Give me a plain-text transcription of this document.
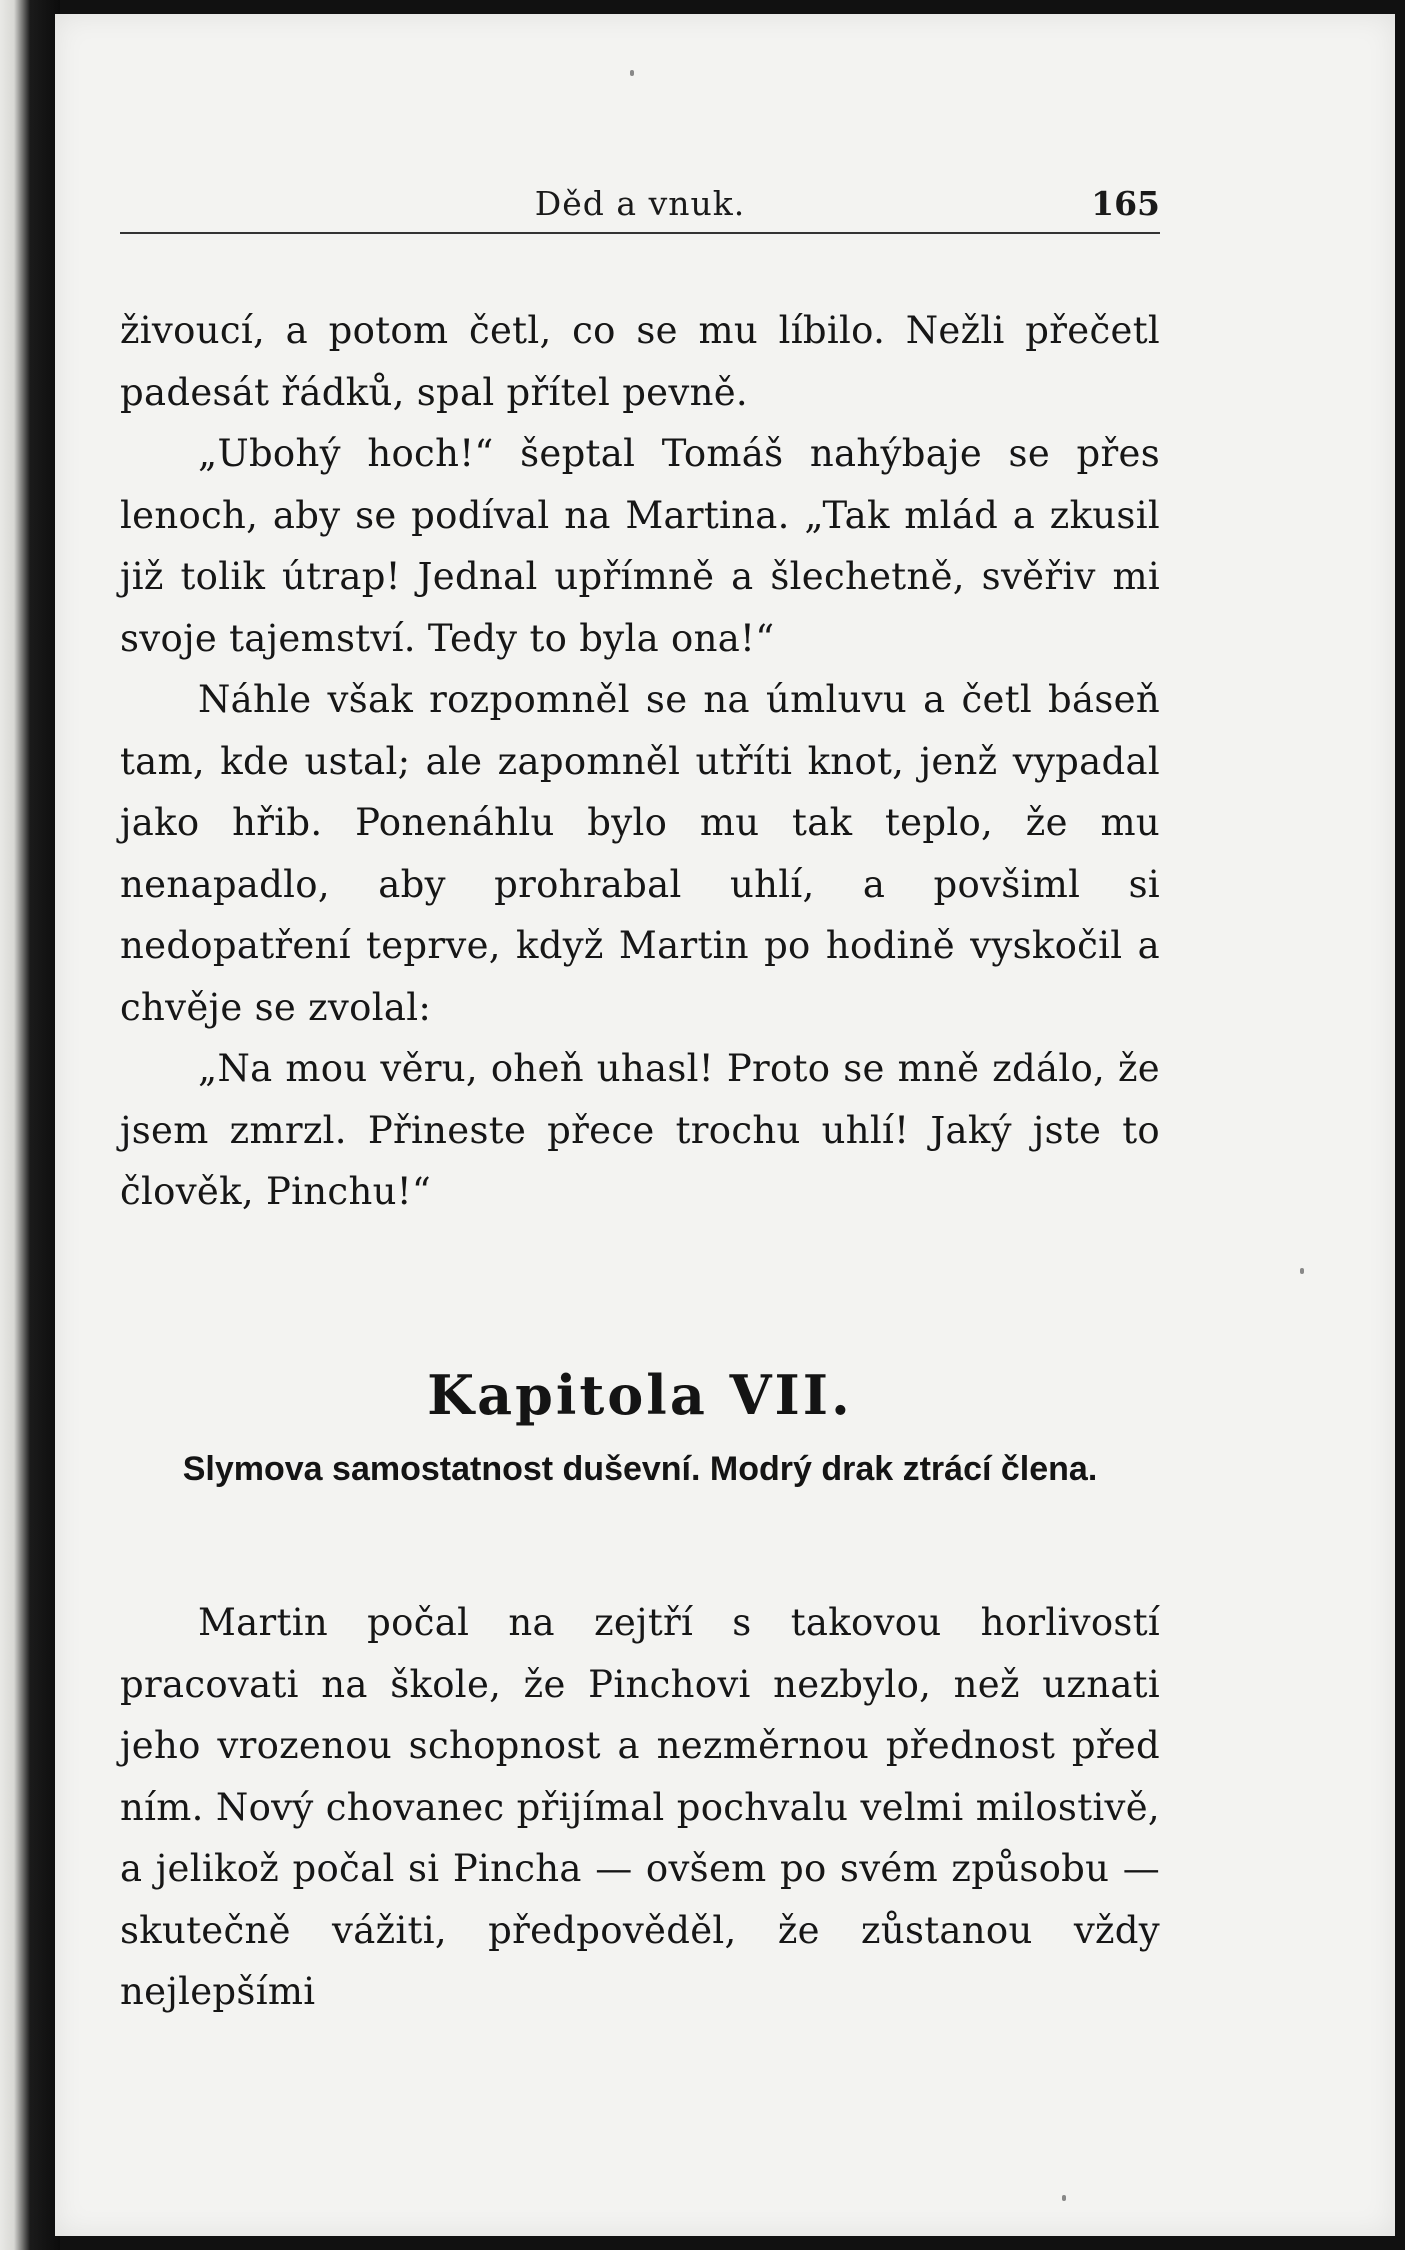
Děd a vnuk.	165

živoucí, a potom četl, co se mu líbilo. Nežli přečetl padesát řádků, spal přítel pevně.

„Ubohý hoch!“ šeptal Tomáš nahýbaje se přes lenoch, aby se podíval na Martina. „Tak mlád a zkusil již tolik útrap! Jednal upřímně a šlechetně, svěřiv mi svoje tajemství. Tedy to byla ona!“

Náhle však rozpomněl se na úmluvu a četl báseň tam, kde ustal; ale zapomněl utříti knot, jenž vypadal jako hřib. Ponenáhlu bylo mu tak teplo, že mu nenapadlo, aby prohrabal uhlí, a povšiml si nedopatření teprve, když Martin po hodině vyskočil a chvěje se zvolal:

„Na mou věru, oheň uhasl! Proto se mně zdálo, že jsem zmrzl. Přineste přece trochu uhlí! Jaký jste to člověk, Pinchu!“

Kapitola VII.
Slymova samostatnost duševní. Modrý drak ztrácí člena.

Martin počal na zejtří s takovou horlivostí pracovati na škole, že Pinchovi nezbylo, než uznati jeho vrozenou schopnost a nezměrnou přednost před ním. Nový chovanec přijímal pochvalu velmi milostivě, a jelikož počal si Pincha — ovšem po svém způsobu — skutečně vážiti, předpověděl, že zůstanou vždy nejlepšími
